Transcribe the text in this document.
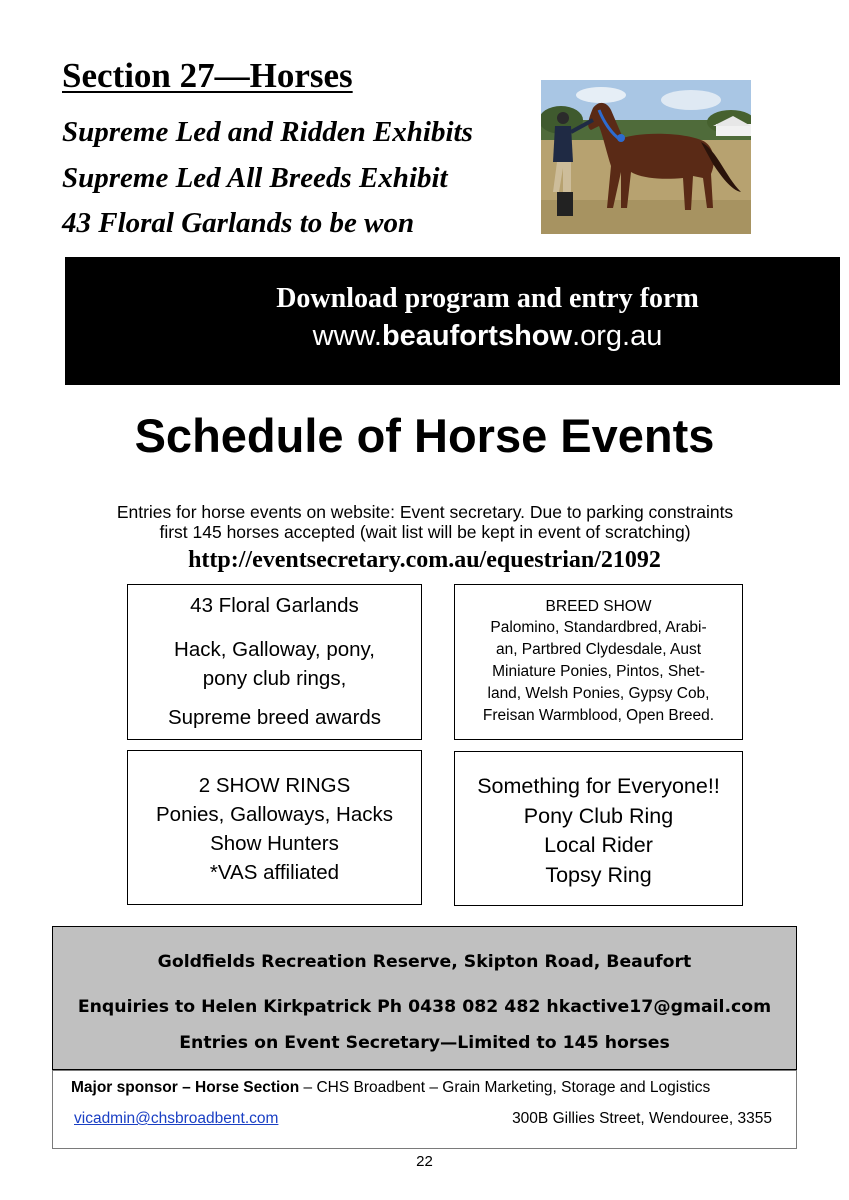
Section 27—Horses
Supreme Led and Ridden Exhibits
Supreme Led All Breeds Exhibit
43 Floral Garlands to be won
Download program and entry form
www.beaufortshow.org.au
Schedule of Horse Events
Entries for horse events on website: Event secretary. Due to parking constraints
first 145 horses accepted (wait list will be kept in event of scratching)
http://eventsecretary.com.au/equestrian/21092
43 Floral Garlands
Hack, Galloway, pony,
pony club rings,
Supreme breed awards
BREED SHOW
Palomino, Standardbred, Arabi-
an, Partbred Clydesdale, Aust
Miniature Ponies, Pintos, Shet-
land, Welsh Ponies, Gypsy Cob,
Freisan Warmblood, Open Breed.
2 SHOW RINGS
Ponies, Galloways, Hacks
Show Hunters
*VAS affiliated
Something for Everyone!!
Pony Club Ring
Local Rider
Topsy Ring
Goldfields Recreation Reserve, Skipton Road, Beaufort
Enquiries to Helen Kirkpatrick Ph 0438 082 482 hkactive17@gmail.com
Entries on Event Secretary—Limited to 145 horses
Major sponsor – Horse Section – CHS Broadbent – Grain Marketing, Storage and Logistics
vicadmin@chsbroadbent.com	300B Gillies Street, Wendouree, 3355
22
